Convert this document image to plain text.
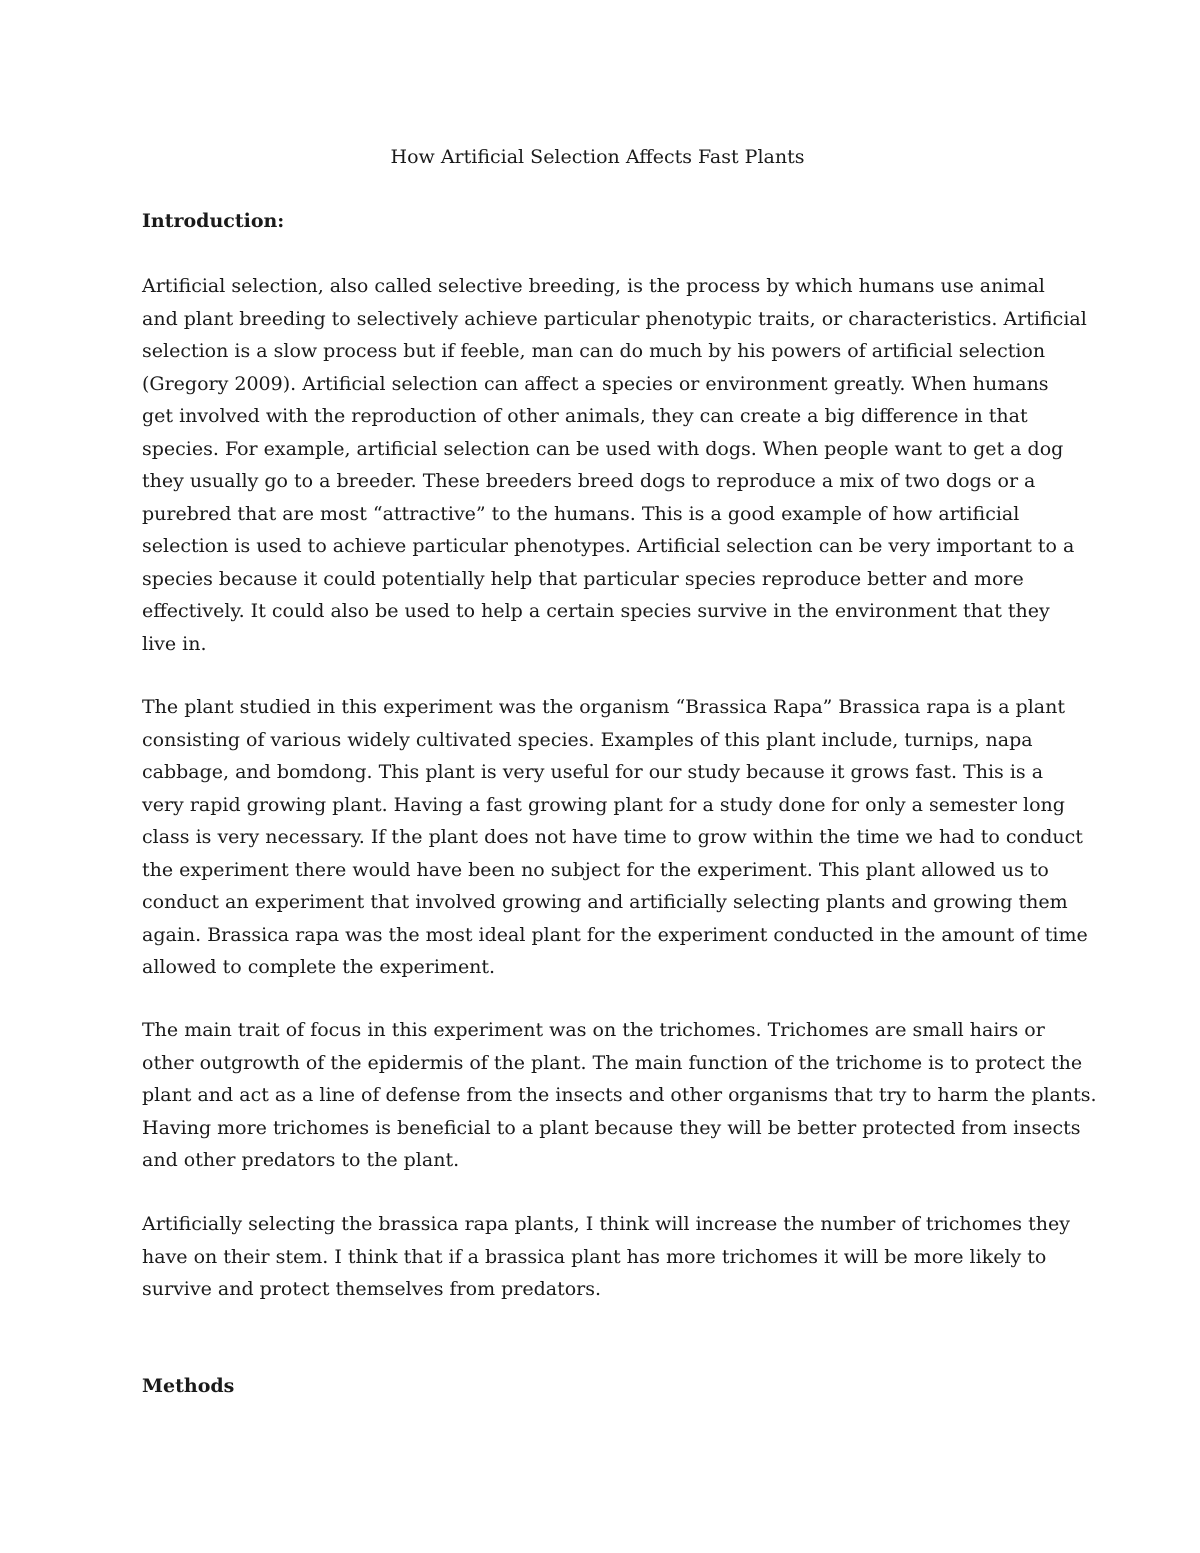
How Artificial Selection Affects Fast Plants
Introduction:

Artificial selection, also called selective breeding, is the process by which humans use animal
and plant breeding to selectively achieve particular phenotypic traits, or characteristics. Artificial
selection is a slow process but if feeble, man can do much by his powers of artificial selection
(Gregory 2009). Artificial selection can affect a species or environment greatly. When humans
get involved with the reproduction of other animals, they can create a big difference in that
species. For example, artificial selection can be used with dogs. When people want to get a dog
they usually go to a breeder. These breeders breed dogs to reproduce a mix of two dogs or a
purebred that are most “attractive” to the humans. This is a good example of how artificial
selection is used to achieve particular phenotypes. Artificial selection can be very important to a
species because it could potentially help that particular species reproduce better and more
effectively. It could also be used to help a certain species survive in the environment that they
live in.

The plant studied in this experiment was the organism “Brassica Rapa” Brassica rapa is a plant
consisting of various widely cultivated species. Examples of this plant include, turnips, napa
cabbage, and bomdong. This plant is very useful for our study because it grows fast. This is a
very rapid growing plant. Having a fast growing plant for a study done for only a semester long
class is very necessary. If the plant does not have time to grow within the time we had to conduct
the experiment there would have been no subject for the experiment. This plant allowed us to
conduct an experiment that involved growing and artificially selecting plants and growing them
again. Brassica rapa was the most ideal plant for the experiment conducted in the amount of time
allowed to complete the experiment.

The main trait of focus in this experiment was on the trichomes. Trichomes are small hairs or
other outgrowth of the epidermis of the plant. The main function of the trichome is to protect the
plant and act as a line of defense from the insects and other organisms that try to harm the plants.
Having more trichomes is beneficial to a plant because they will be better protected from insects
and other predators to the plant.

Artificially selecting the brassica rapa plants, I think will increase the number of trichomes they
have on their stem. I think that if a brassica plant has more trichomes it will be more likely to
survive and protect themselves from predators.

Methods
